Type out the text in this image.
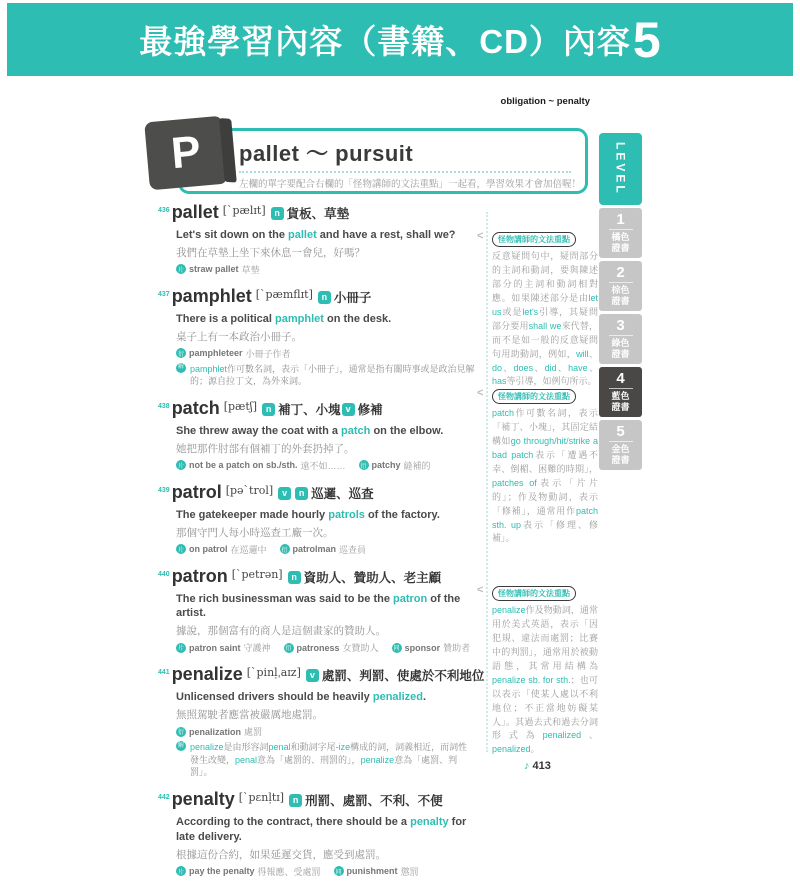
最強學習內容（書籍、CD）內容 5
obligation ~ penalty
pallet ～ pursuit
左欄的單字要配合右欄的「怪物講師的文法重點」一起看，學習效果才會加倍喔！
P	LEVEL
1
橘色證書
2
棕色證書
3
綠色證書
4
藍色證書
5
金色證書
$^{436}$ pallet [ˋpælɪt] n 貨板、草墊
Let's sit down on the pallet and have a rest, shall we?
我們在草墊上坐下來休息一會兒，好嗎？
片 straw pallet 草墊
$^{437}$ pamphlet [ˋpæmflɪt] n 小冊子
There is a political pamphlet on the desk.
桌子上有一本政治小冊子。
衍 pamphleteer 小冊子作者
解 pamphlet作可數名詞，表示「小冊子」，通常是指有關時事或是政治見解的；源自拉丁文，為外來詞。
$^{438}$ patch [pætʃ] n 補丁、小塊 v 修補
She threw away the coat with a patch on the elbow.
她把那件肘部有個補丁的外套扔掉了。
片 not be a patch on sb./sth. 遠不如……	衍 patchy 縫補的
$^{439}$ patrol [pəˋtrol] v n 巡邏、巡查
The gatekeeper made hourly patrols of the factory.
那個守門人每小時巡查工廠一次。
片 on patrol 在巡邏中	衍 patrolman 巡查員
$^{440}$ patron [ˋpetrən] n 資助人、贊助人、老主顧
The rich businessman was said to be the patron of the artist.
據說，那個富有的商人是這個畫家的贊助人。
片 patron saint 守護神	衍 patroness 女贊助人	同 sponsor 贊助者
$^{441}$ penalize [ˋpinḷˌaɪz] v 處罰、判罰、使處於不利地位
Unlicensed drivers should be heavily penalized.
無照駕駛者應當被嚴厲地處罰。
衍 penalization 處罰
解 penalize是由形容詞penal和動詞字尾-ize構成的詞，詞義相近，而詞性發生改變，penal意為「處罰的、刑罰的」，penalize意為「處罰、判罰」。
$^{442}$ penalty [ˋpɛnḷtɪ] n 刑罰、處罰、不利、不便
According to the contract, there should be a penalty for late delivery.
根據這份合約，如果延遲交貨，應受到處罰。
片 pay the penalty 得報應、受處罰	同 punishment 懲罰
< 怪物講師的文法重點
反意疑問句中，疑問部分的主詞和動詞，要與陳述部分的主詞和動詞相對應。如果陳述部分是由let us或是let's引導，其疑問部分要用shall we來代替，而不是如一般的反意疑問句用助動詞，例如，will、do、does、did、have、has等引導，如例句所示。
< 怪物講師的文法重點
patch作可數名詞，表示「補丁、小塊」，其固定結構如go through/hit/strike a bad patch表示「遭遇不幸、倒楣、困難的時期」，patches of表示「片片的」；作及物動詞，表示「修補」，通常用作patch sth. up表示「修理、修補」。
< 怪物講師的文法重點
penalize作及物動詞，通常用於美式英語，表示「因犯規、違法而處罰；比賽中的判罰」，通常用於被動語態，其常用結構為penalize sb. for sth.；也可以表示「使某人處以不利地位；不正當地妨礙某人」。其過去式和過去分詞形式為penalized、penalized。
♪ 413
